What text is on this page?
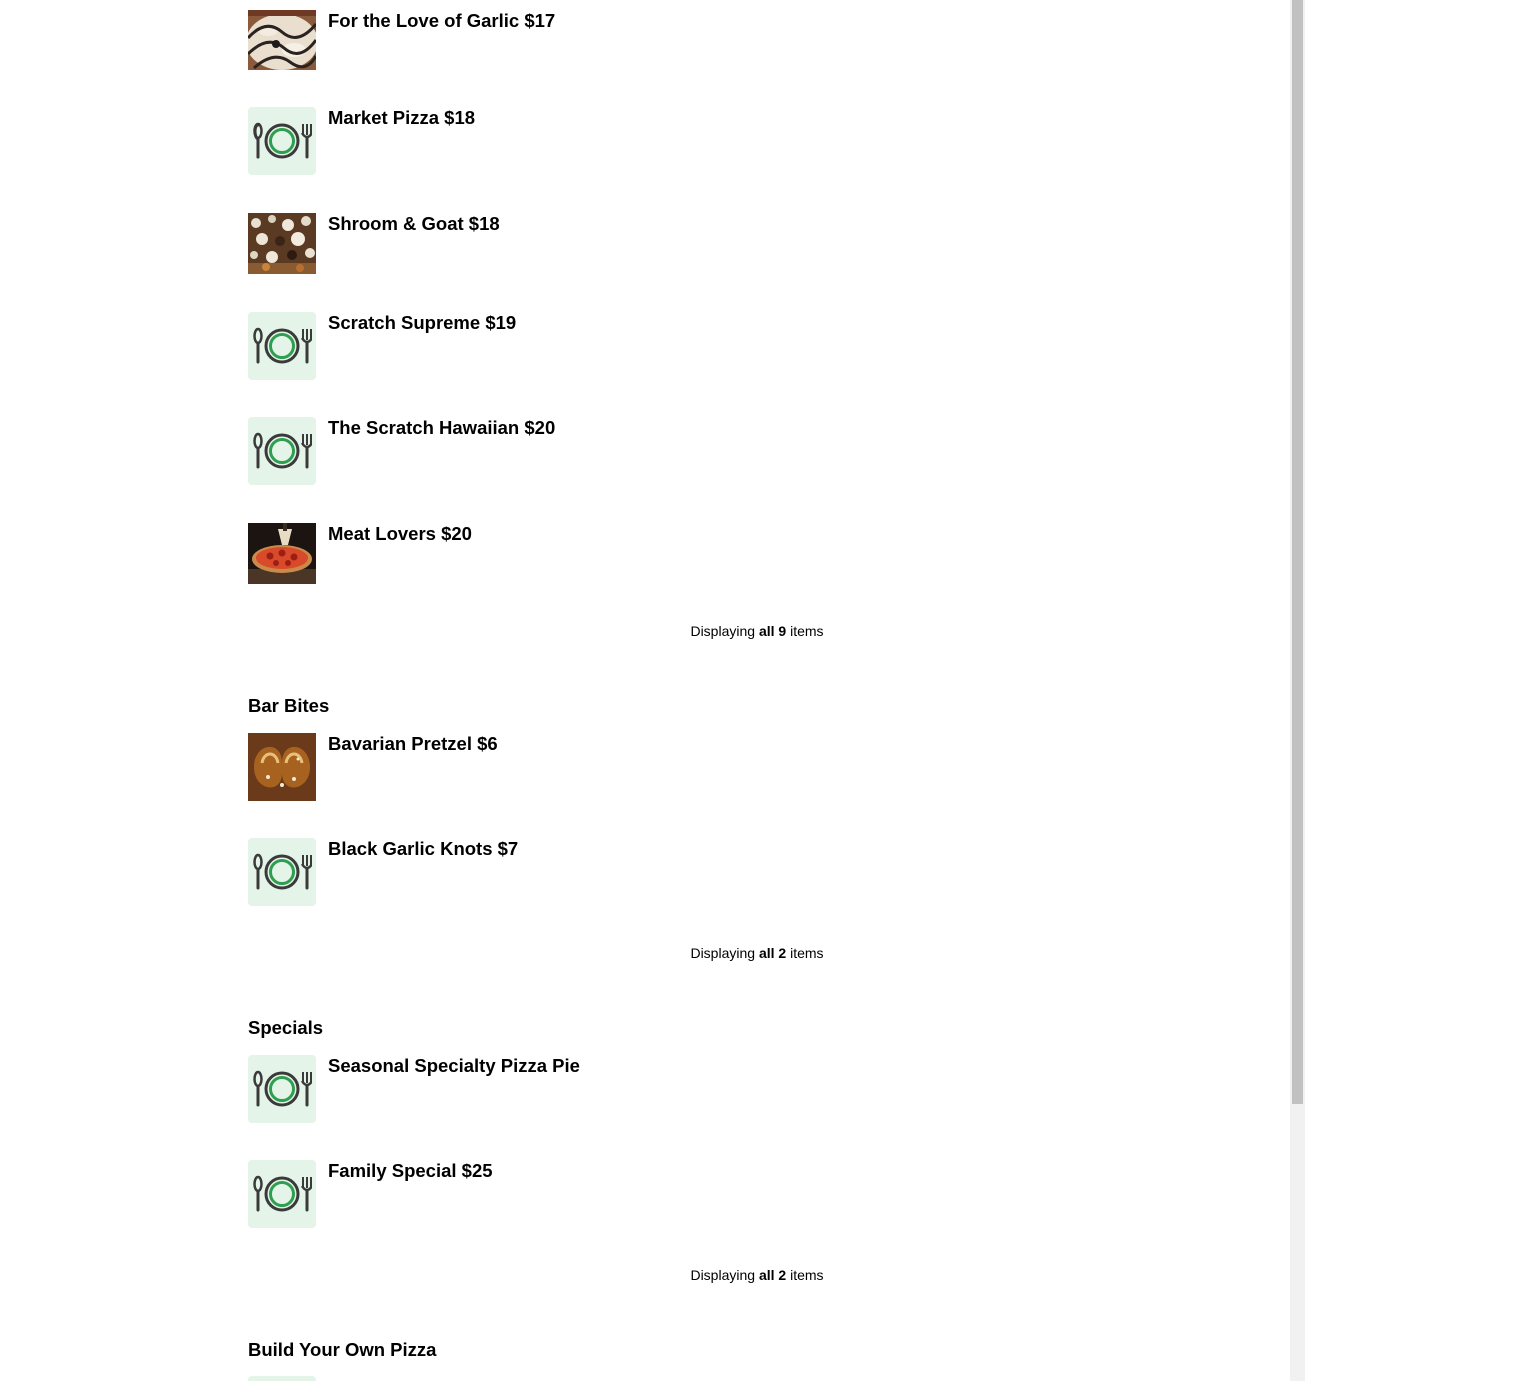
For the Love of Garlic $17
Market Pizza $18
Shroom & Goat $18
Scratch Supreme $19
The Scratch Hawaiian $20
Meat Lovers $20
Displaying all 9 items
Bar Bites
Bavarian Pretzel $6
Black Garlic Knots $7
Displaying all 2 items
Specials
Seasonal Specialty Pizza Pie
Family Special $25
Displaying all 2 items
Build Your Own Pizza
